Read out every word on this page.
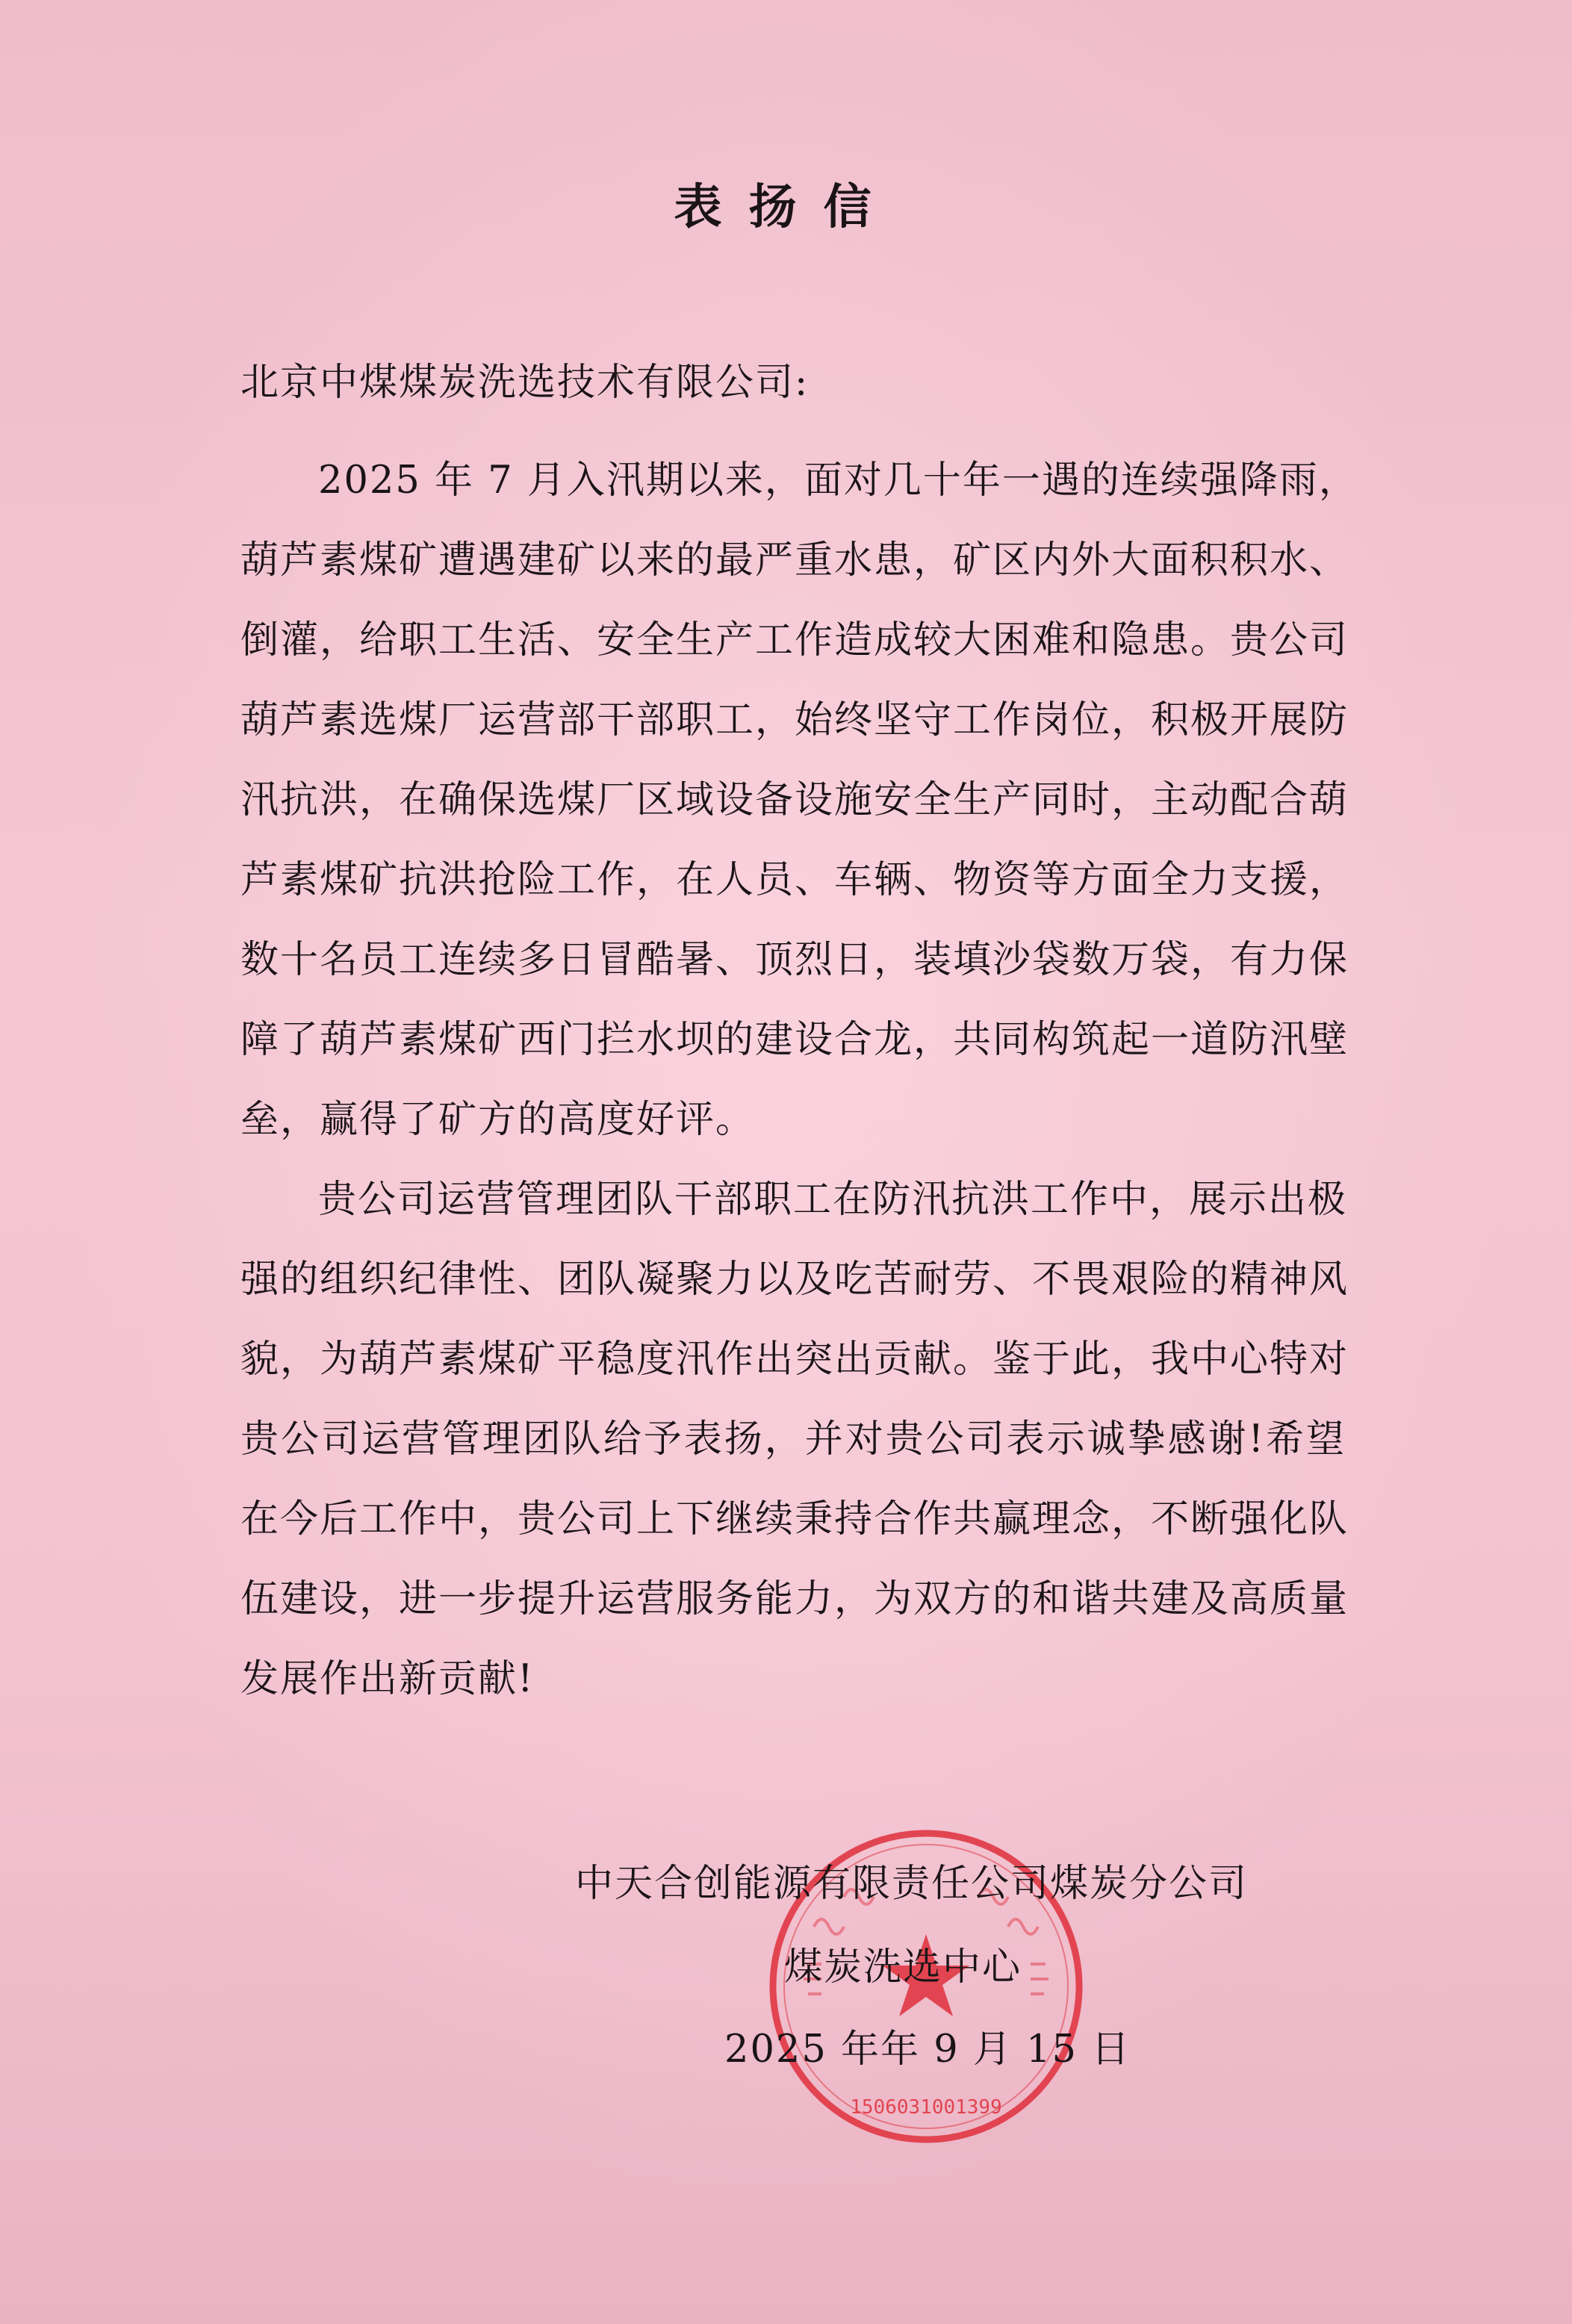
表扬信
北京中煤煤炭洗选技术有限公司:
2025 年 7 月入汛期以来，面对几十年一遇的连续强降雨，
葫芦素煤矿遭遇建矿以来的最严重水患，矿区内外大面积积水、
倒灌，给职工生活、安全生产工作造成较大困难和隐患。贵公司
葫芦素选煤厂运营部干部职工，始终坚守工作岗位，积极开展防
汛抗洪，在确保选煤厂区域设备设施安全生产同时，主动配合葫
芦素煤矿抗洪抢险工作，在人员、车辆、物资等方面全力支援，
数十名员工连续多日冒酷暑、顶烈日，装填沙袋数万袋，有力保
障了葫芦素煤矿西门拦水坝的建设合龙，共同构筑起一道防汛壁
垒，赢得了矿方的高度好评。
贵公司运营管理团队干部职工在防汛抗洪工作中，展示出极
强的组织纪律性、团队凝聚力以及吃苦耐劳、不畏艰险的精神风
貌，为葫芦素煤矿平稳度汛作出突出贡献。鉴于此，我中心特对
贵公司运营管理团队给予表扬，并对贵公司表示诚挚感谢!希望
在今后工作中，贵公司上下继续秉持合作共赢理念，不断强化队
伍建设，进一步提升运营服务能力，为双方的和谐共建及高质量
发展作出新贡献!
1506031001399
中天合创能源有限责任公司煤炭分公司
煤炭洗选中心
2025 年年 9 月 15 日
